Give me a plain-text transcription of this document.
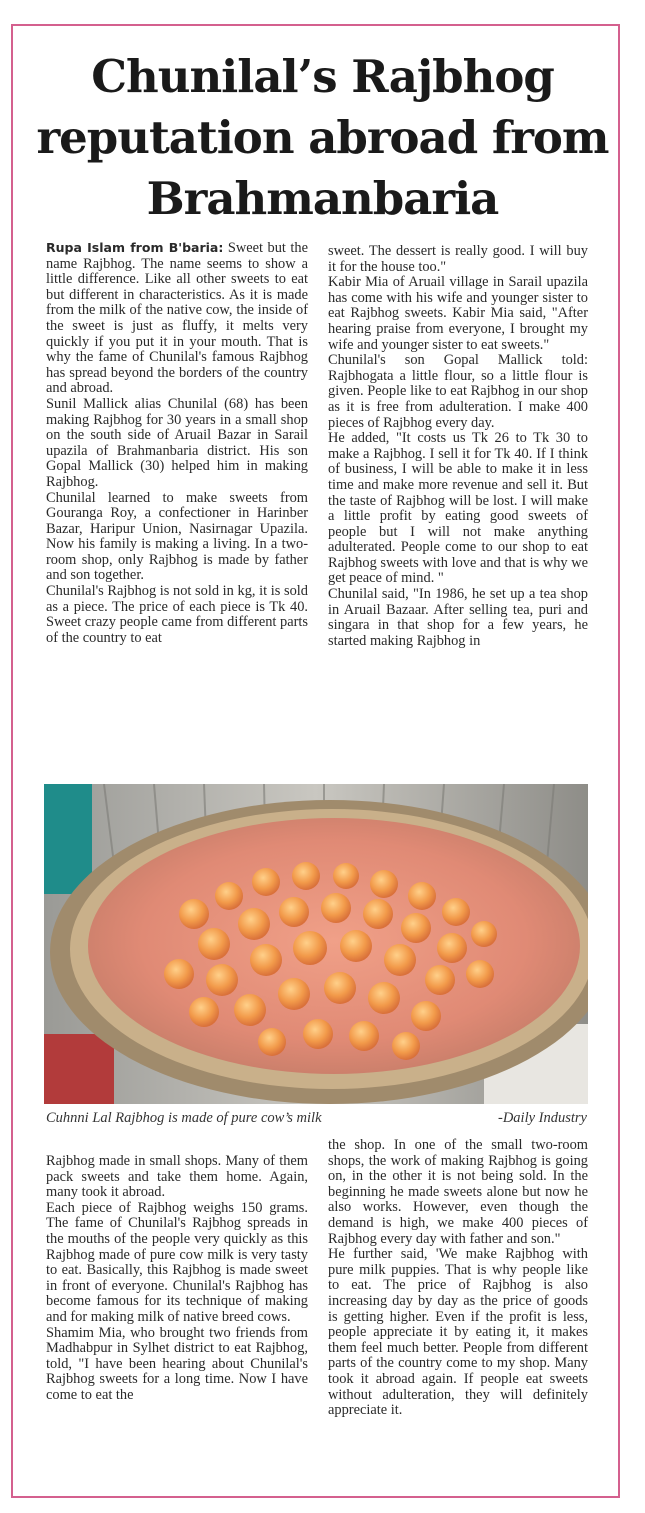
Chunilal’s Rajbhog reputation abroad from Brahmanbaria

Rupa Islam from B'baria: Sweet but the name Rajbhog. The name seems to show a little difference. Like all other sweets to eat but different in characteristics. As it is made from the milk of the native cow, the inside of the sweet is just as fluffy, it melts very quickly if you put it in your mouth. That is why the fame of Chunilal's famous Rajbhog has spread beyond the borders of the country and abroad.

Sunil Mallick alias Chunilal (68) has been making Rajbhog for 30 years in a small shop on the south side of Aruail Bazar in Sarail upazila of Brahmanbaria district. His son Gopal Mallick (30) helped him in making Rajbhog.

Chunilal learned to make sweets from Gouranga Roy, a confectioner in Harinber Bazar, Haripur Union, Nasirnagar Upazila. Now his family is making a living. In a two-room shop, only Rajbhog is made by father and son together.

Chunilal's Rajbhog is not sold in kg, it is sold as a piece. The price of each piece is Tk 40. Sweet crazy people came from different parts of the country to eat

sweet. The dessert is really good. I will buy it for the house too."

Kabir Mia of Aruail village in Sarail upazila has come with his wife and younger sister to eat Rajbhog sweets. Kabir Mia said, "After hearing praise from everyone, I brought my wife and younger sister to eat sweets."

Chunilal's son Gopal Mallick told: Rajbhogata a little flour, so a little flour is given. People like to eat Rajbhog in our shop as it is free from adulteration. I make 400 pieces of Rajbhog every day.

He added, "It costs us Tk 26 to Tk 30 to make a Rajbhog. I sell it for Tk 40. If I think of business, I will be able to make it in less time and make more revenue and sell it. But the taste of Rajbhog will be lost. I will make a little profit by eating good sweets of people but I will not make anything adulterated. People come to our shop to eat Rajbhog sweets with love and that is why we get peace of mind. "

Chunilal said, "In 1986, he set up a tea shop in Aruail Bazaar. After selling tea, puri and singara in that shop for a few years, he started making Rajbhog in

Cuhnni Lal Rajbhog is made of pure cow’s milk	-Daily Industry

Rajbhog made in small shops. Many of them pack sweets and take them home. Again, many took it abroad.

Each piece of Rajbhog weighs 150 grams. The fame of Chunilal's Rajbhog spreads in the mouths of the people very quickly as this Rajbhog made of pure cow milk is very tasty to eat. Basically, this Rajbhog is made sweet in front of everyone. Chunilal's Rajbhog has become famous for its technique of making and for making milk of native breed cows.

Shamim Mia, who brought two friends from Madhabpur in Sylhet district to eat Rajbhog, told, "I have been hearing about Chunilal's Rajbhog sweets for a long time. Now I have come to eat the

the shop. In one of the small two-room shops, the work of making Rajbhog is going on, in the other it is not being sold. In the beginning he made sweets alone but now he also works. However, even though the demand is high, we make 400 pieces of Rajbhog every day with father and son."

He further said, 'We make Rajbhog with pure milk puppies. That is why people like to eat. The price of Rajbhog is also increasing day by day as the price of goods is getting higher. Even if the profit is less, people appreciate it by eating it, it makes them feel much better. People from different parts of the country come to my shop. Many took it abroad again. If people eat sweets without adulteration, they will definitely appreciate it.
